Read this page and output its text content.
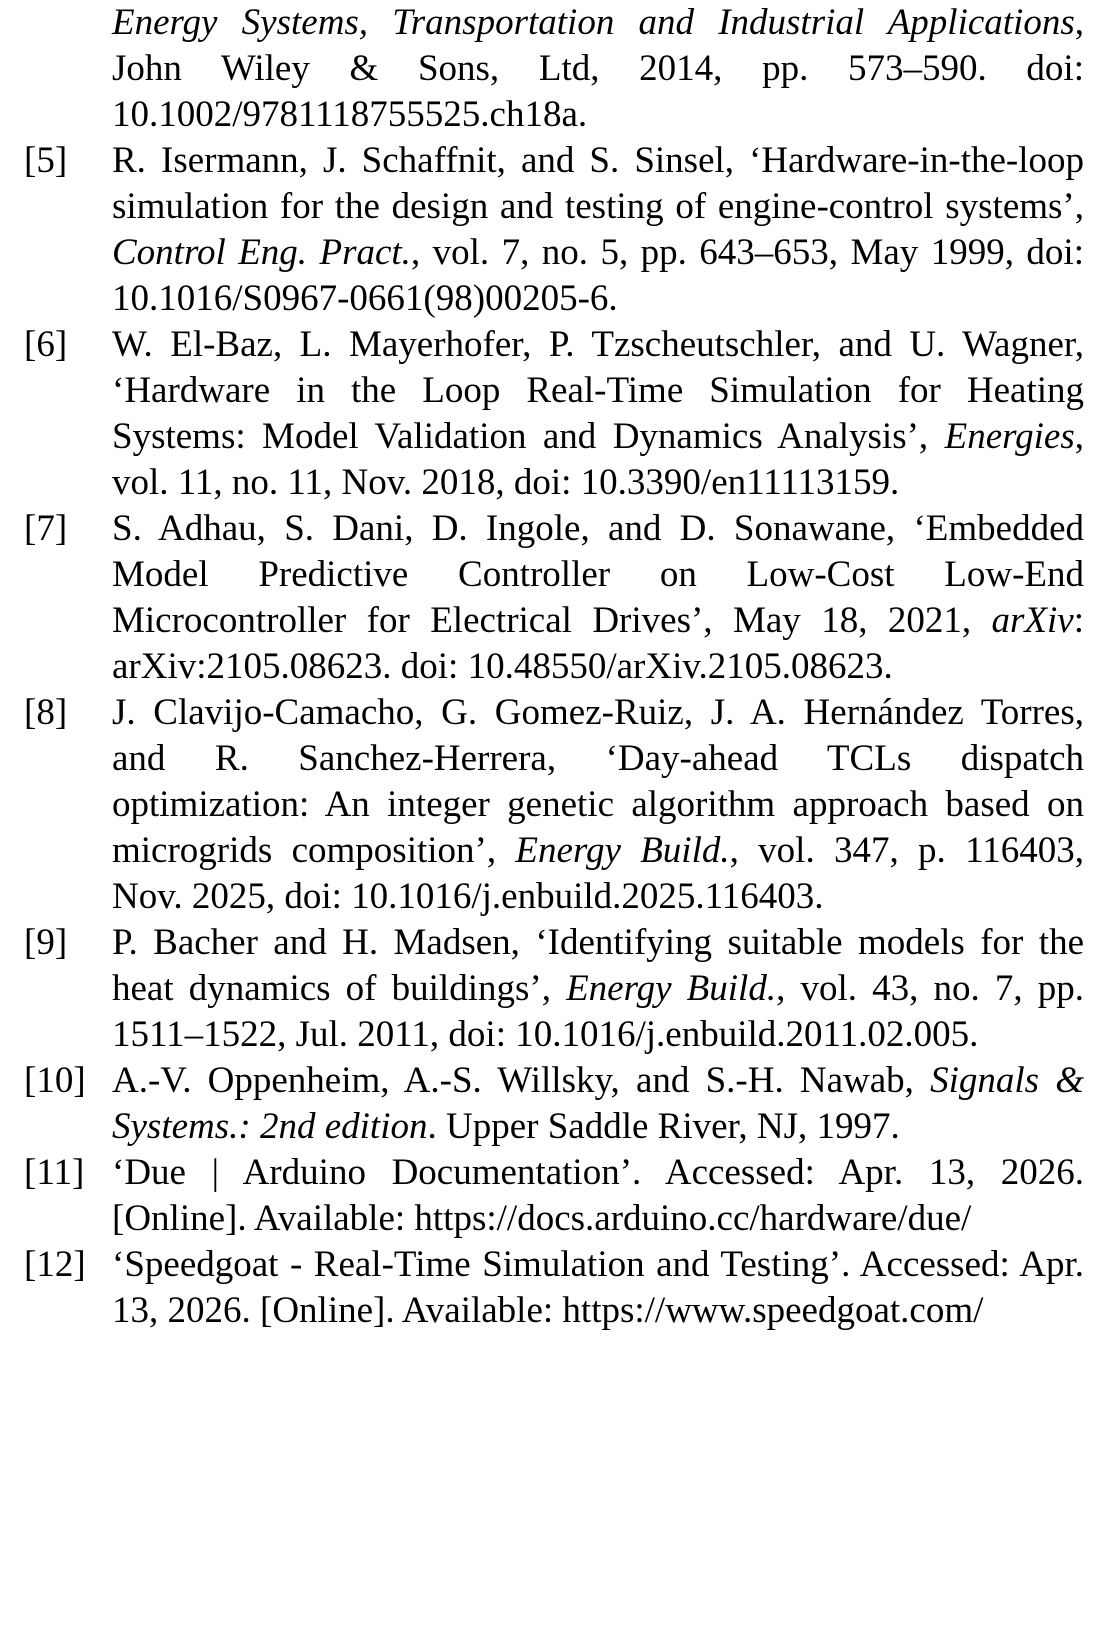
Energy Systems, Transportation and Industrial Applications, John Wiley & Sons, Ltd, 2014, pp. 573–590. doi: 10.1002/9781118755525.ch18a.
[5]	R. Isermann, J. Schaffnit, and S. Sinsel, ‘Hardware-in-the-loop simulation for the design and testing of engine-control systems’, Control Eng. Pract., vol. 7, no. 5, pp. 643–653, May 1999, doi: 10.1016/S0967-0661(98)00205-6.
[6]	W. El-Baz, L. Mayerhofer, P. Tzscheutschler, and U. Wagner, ‘Hardware in the Loop Real-Time Simulation for Heating Systems: Model Validation and Dynamics Analysis’, Energies, vol. 11, no. 11, Nov. 2018, doi: 10.3390/en11113159.
[7]	S. Adhau, S. Dani, D. Ingole, and D. Sonawane, ‘Embedded Model Predictive Controller on Low-Cost Low-End Microcontroller for Electrical Drives’, May 18, 2021, arXiv: arXiv:2105.08623. doi: 10.48550/arXiv.2105.08623.
[8]	J. Clavijo-Camacho, G. Gomez-Ruiz, J. A. Hernández Torres, and R. Sanchez-Herrera, ‘Day-ahead TCLs dispatch optimization: An integer genetic algorithm approach based on microgrids composition’, Energy Build., vol. 347, p. 116403, Nov. 2025, doi: 10.1016/j.enbuild.2025.116403.
[9]	P. Bacher and H. Madsen, ‘Identifying suitable models for the heat dynamics of buildings’, Energy Build., vol. 43, no. 7, pp. 1511–1522, Jul. 2011, doi: 10.1016/j.enbuild.2011.02.005.
[10] A.-V. Oppenheim, A.-S. Willsky, and S.-H. Nawab, Signals & Systems.: 2nd edition. Upper Saddle River, NJ, 1997.
[11] ‘Due | Arduino Documentation’. Accessed: Apr. 13, 2026. [Online]. Available: https://docs.arduino.cc/hardware/due/
[12] ‘Speedgoat - Real-Time Simulation and Testing’. Accessed: Apr. 13, 2026. [Online]. Available: https://www.speedgoat.com/
